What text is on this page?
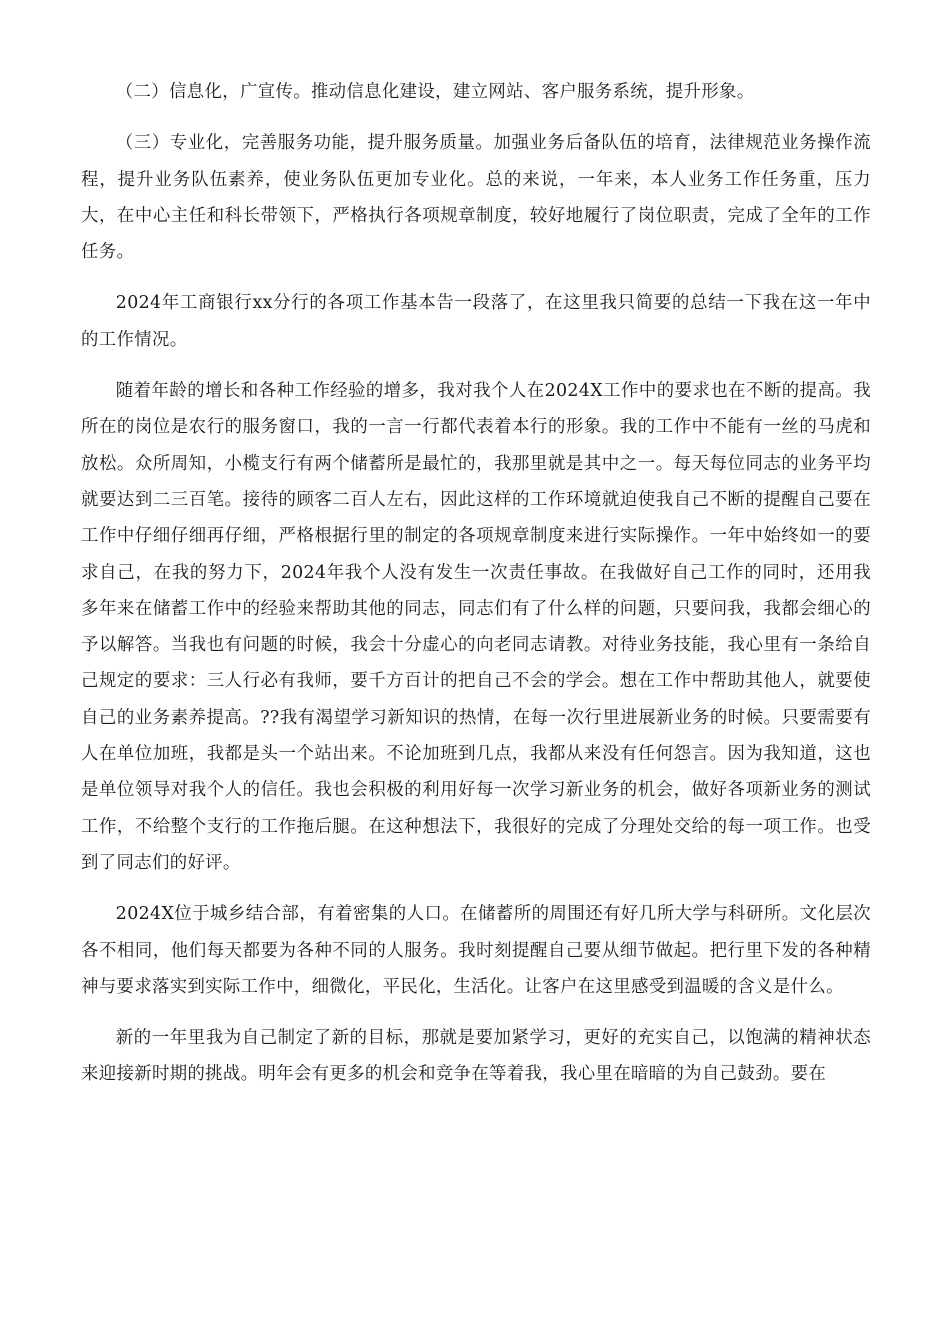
（二）信息化，广宣传。推动信息化建设，建立网站、客户服务系统，提升形象。

（三）专业化，完善服务功能，提升服务质量。加强业务后备队伍的培育，法律规范业务操作流程，提升业务队伍素养，使业务队伍更加专业化。总的来说，一年来，本人业务工作任务重，压力大，在中心主任和科长带领下，严格执行各项规章制度，较好地履行了岗位职责，完成了全年的工作任务。

2024年工商银行xx分行的各项工作基本告一段落了，在这里我只简要的总结一下我在这一年中的工作情况。

随着年龄的增长和各种工作经验的增多，我对我个人在2024X工作中的要求也在不断的提高。我所在的岗位是农行的服务窗口，我的一言一行都代表着本行的形象。我的工作中不能有一丝的马虎和放松。众所周知，小榄支行有两个储蓄所是最忙的，我那里就是其中之一。每天每位同志的业务平均就要达到二三百笔。接待的顾客二百人左右，因此这样的工作环境就迫使我自己不断的提醒自己要在工作中仔细仔细再仔细，严格根据行里的制定的各项规章制度来进行实际操作。一年中始终如一的要求自己，在我的努力下，2024年我个人没有发生一次责任事故。在我做好自己工作的同时，还用我多年来在储蓄工作中的经验来帮助其他的同志，同志们有了什么样的问题，只要问我，我都会细心的予以解答。当我也有问题的时候，我会十分虚心的向老同志请教。对待业务技能，我心里有一条给自己规定的要求：三人行必有我师，要千方百计的把自己不会的学会。想在工作中帮助其他人，就要使自己的业务素养提高。??我有渴望学习新知识的热情，在每一次行里进展新业务的时候。只要需要有人在单位加班，我都是头一个站出来。不论加班到几点，我都从来没有任何怨言。因为我知道，这也是单位领导对我个人的信任。我也会积极的利用好每一次学习新业务的机会，做好各项新业务的测试工作，不给整个支行的工作拖后腿。在这种想法下，我很好的完成了分理处交给的每一项工作。也受到了同志们的好评。

2024X位于城乡结合部，有着密集的人口。在储蓄所的周围还有好几所大学与科研所。文化层次各不相同，他们每天都要为各种不同的人服务。我时刻提醒自己要从细节做起。把行里下发的各种精神与要求落实到实际工作中，细微化，平民化，生活化。让客户在这里感受到温暖的含义是什么。

新的一年里我为自己制定了新的目标，那就是要加紧学习，更好的充实自己，以饱满的精神状态来迎接新时期的挑战。明年会有更多的机会和竞争在等着我，我心里在暗暗的为自己鼓劲。要在
